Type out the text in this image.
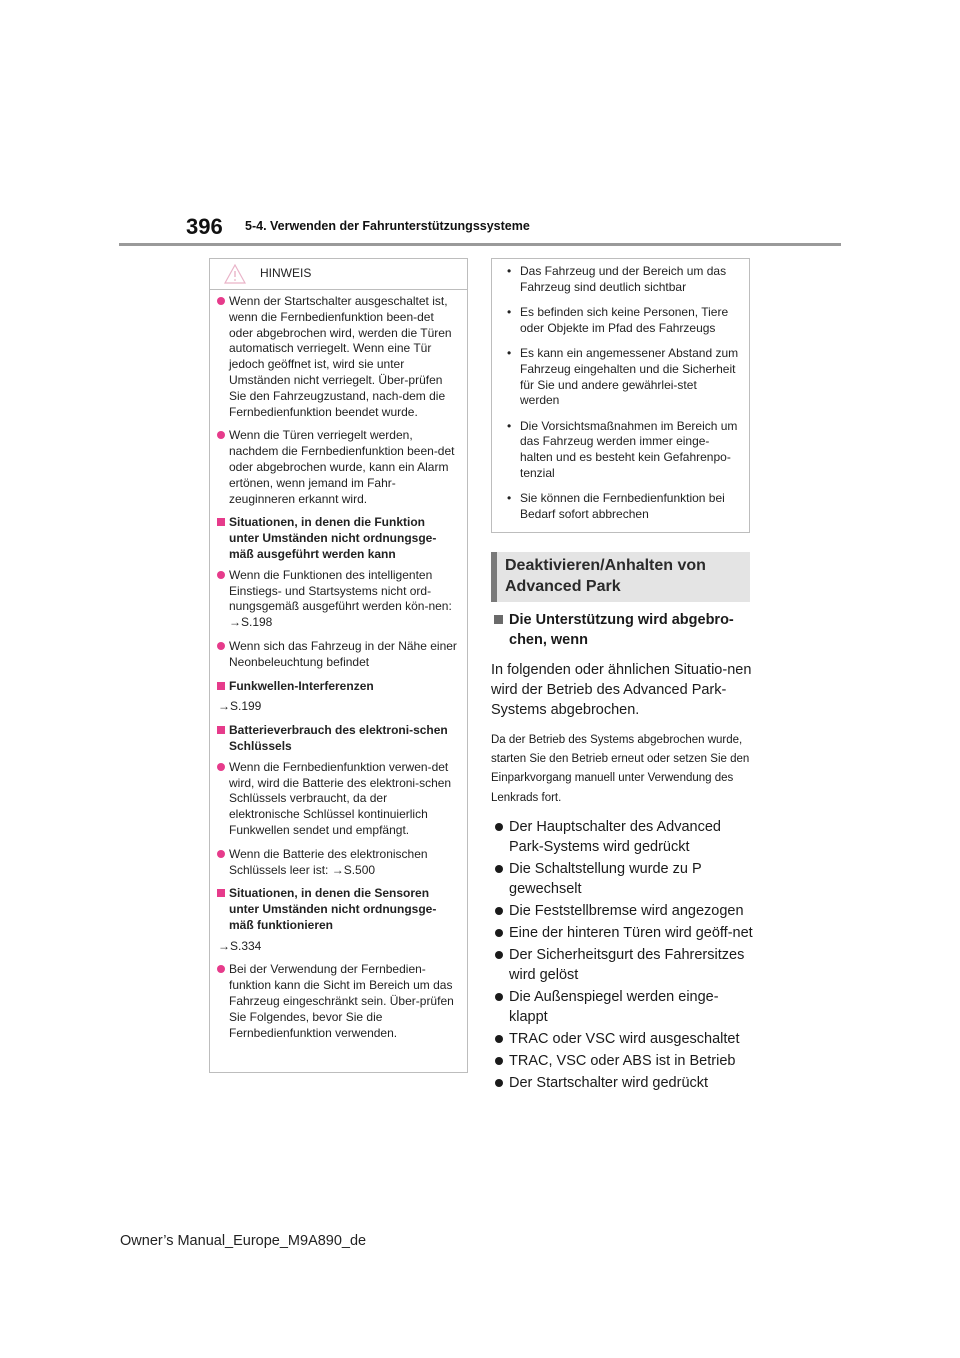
396 5-4. Verwenden der Fahrunterstützungssysteme
HINWEIS
Wenn der Startschalter ausgeschaltet ist, wenn die Fernbedienfunktion been-det oder abgebrochen wird, werden die Türen automatisch verriegelt. Wenn eine Tür jedoch geöffnet ist, wird sie unter Umständen nicht verriegelt. Über-prüfen Sie den Fahrzeugzustand, nach-dem die Fernbedienfunktion beendet wurde.
Wenn die Türen verriegelt werden, nachdem die Fernbedienfunktion been-det oder abgebrochen wurde, kann ein Alarm ertönen, wenn jemand im Fahr-zeuginneren erkannt wird.
Situationen, in denen die Funktion unter Umständen nicht ordnungsge-mäß ausgeführt werden kann
Wenn die Funktionen des intelligenten Einstiegs- und Startsystems nicht ord-nungsgemäß ausgeführt werden kön-nen: →S.198
Wenn sich das Fahrzeug in der Nähe einer Neonbeleuchtung befindet
Funkwellen-Interferenzen
→S.199
Batterieverbrauch des elektroni-schen Schlüssels
Wenn die Fernbedienfunktion verwen-det wird, wird die Batterie des elektroni-schen Schlüssels verbraucht, da der elektronische Schlüssel kontinuierlich Funkwellen sendet und empfängt.
Wenn die Batterie des elektronischen Schlüssels leer ist: →S.500
Situationen, in denen die Sensoren unter Umständen nicht ordnungsge-mäß funktionieren
→S.334
Bei der Verwendung der Fernbedien-funktion kann die Sicht im Bereich um das Fahrzeug eingeschränkt sein. Über-prüfen Sie Folgendes, bevor Sie die Fernbedienfunktion verwenden.
• Das Fahrzeug und der Bereich um das Fahrzeug sind deutlich sichtbar
• Es befinden sich keine Personen, Tiere oder Objekte im Pfad des Fahrzeugs
• Es kann ein angemessener Abstand zum Fahrzeug eingehalten und die Sicherheit für Sie und andere gewährlei-stet werden
• Die Vorsichtsmaßnahmen im Bereich um das Fahrzeug werden immer einge-halten und es besteht kein Gefahrenpo-tenzial
• Sie können die Fernbedienfunktion bei Bedarf sofort abbrechen
Deaktivieren/Anhalten von
Advanced Park
Die Unterstützung wird abgebro-chen, wenn
In folgenden oder ähnlichen Situatio-nen wird der Betrieb des Advanced Park-Systems abgebrochen.
Da der Betrieb des Systems abgebrochen wurde, starten Sie den Betrieb erneut oder setzen Sie den Einparkvorgang manuell unter Verwendung des Lenkrads fort.
Der Hauptschalter des Advanced Park-Systems wird gedrückt
Die Schaltstellung wurde zu P gewechselt
Die Feststellbremse wird angezogen
Eine der hinteren Türen wird geöff-net
Der Sicherheitsgurt des Fahrersitzes wird gelöst
Die Außenspiegel werden einge-klappt
TRAC oder VSC wird ausgeschaltet
TRAC, VSC oder ABS ist in Betrieb
Der Startschalter wird gedrückt
Owner’s Manual_Europe_M9A890_de
